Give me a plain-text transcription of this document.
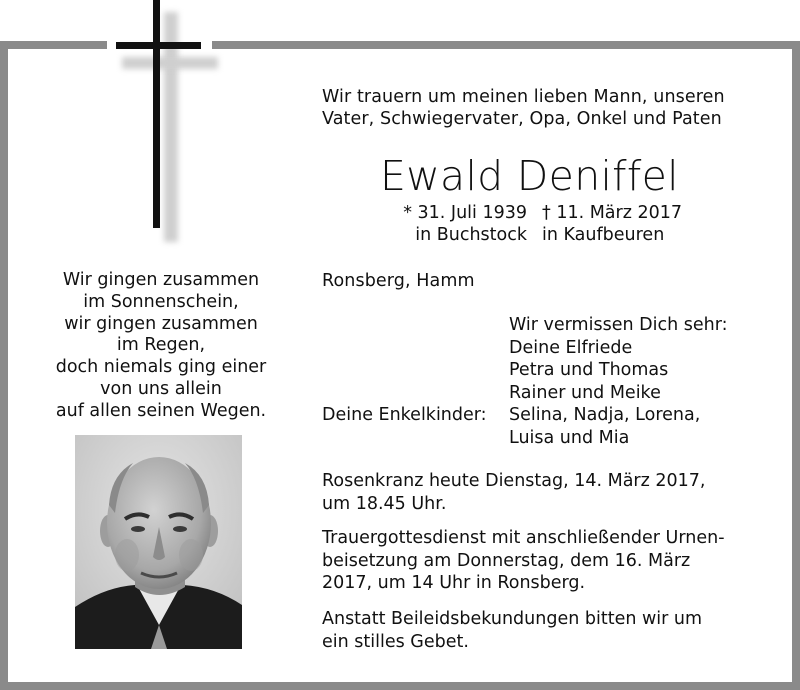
Wir trauern um meinen lieben Mann, unseren
Vater, Schwiegervater, Opa, Onkel und Paten
Ewald Deniffel
* 31. Juli 1939 † 11. März 2017
in Buchstock in Kaufbeuren
Wir gingen zusammen
im Sonnenschein,
wir gingen zusammen
im Regen,
doch niemals ging einer
von uns allein
auf allen seinen Wegen.
Ronsberg, Hamm
Deine Enkelkinder:
Wir vermissen Dich sehr:
Deine Elfriede
Petra und Thomas
Rainer und Meike
Selina, Nadja, Lorena,
Luisa und Mia
Rosenkranz heute Dienstag, 14. März 2017,
um 18.45 Uhr.
Trauergottesdienst mit anschließender Urnen-
beisetzung am Donnerstag, dem 16. März
2017, um 14 Uhr in Ronsberg.
Anstatt Beileidsbekundungen bitten wir um
ein stilles Gebet.
